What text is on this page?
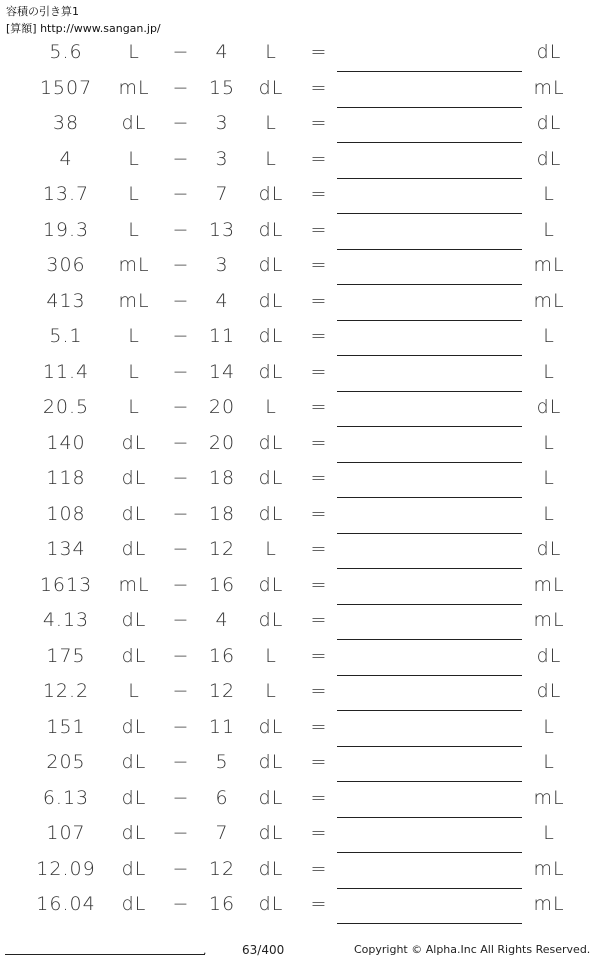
容積の引き算1
[算額] http://www.sangan.jp/
5.6	L	−	4	L	=	dL
1507	mL	−	15	dL	=	mL
38	dL	−	3	L	=	dL
4	L	−	3	L	=	dL
13.7	L	−	7	dL	=	L
19.3	L	−	13	dL	=	L
306	mL	−	3	dL	=	mL
413	mL	−	4	dL	=	mL
5.1	L	−	11	dL	=	L
11.4	L	−	14	dL	=	L
20.5	L	−	20	L	=	dL
140	dL	−	20	dL	=	L
118	dL	−	18	dL	=	L
108	dL	−	18	dL	=	L
134	dL	−	12	L	=	dL
1613	mL	−	16	dL	=	mL
4.13	dL	−	4	dL	=	mL
175	dL	−	16	L	=	dL
12.2	L	−	12	L	=	dL
151	dL	−	11	dL	=	L
205	dL	−	5	dL	=	L
6.13	dL	−	6	dL	=	mL
107	dL	−	7	dL	=	L
12.09	dL	−	12	dL	=	mL
16.04	dL	−	16	dL	=	mL
.	63/400	Copyright © Alpha.Inc All Rights Reserved.
